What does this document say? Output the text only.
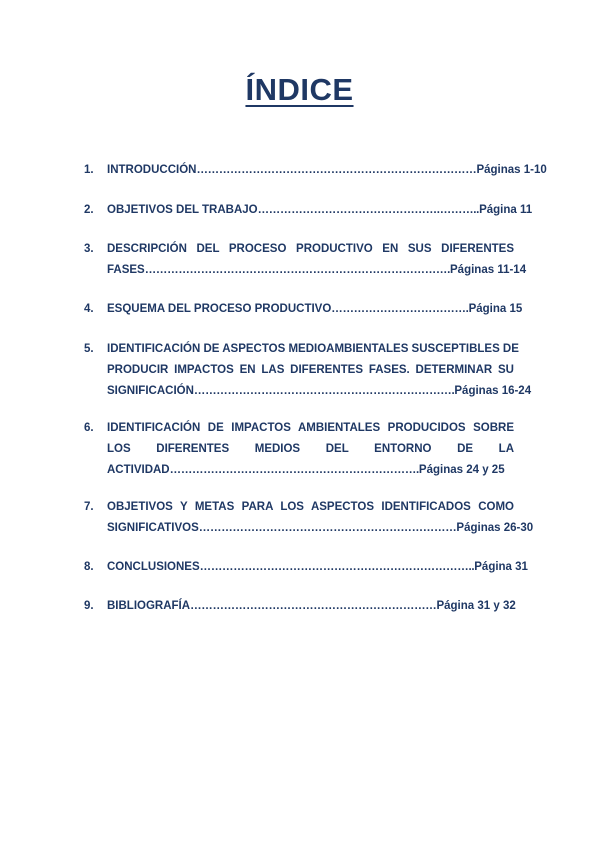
ÍNDICE
1.	INTRODUCCIÓN…………………………………………………………………Páginas 1-10
2.	OBJETIVOS DEL TRABAJO………………………………………….………..Página 11
3.	DESCRIPCIÓN DEL PROCESO PRODUCTIVO EN SUS DIFERENTES
FASES……………………………………………………………………….Páginas 11-14
4.	ESQUEMA DEL PROCESO PRODUCTIVO……………………………….Página 15
5.	IDENTIFICACIÓN DE ASPECTOS MEDIOAMBIENTALES SUSCEPTIBLES DE
PRODUCIR IMPACTOS EN LAS DIFERENTES FASES. DETERMINAR SU
SIGNIFICACIÓN…………………………………………………………….Páginas 16-24
6.	IDENTIFICACIÓN DE IMPACTOS AMBIENTALES PRODUCIDOS SOBRE
LOS DIFERENTES MEDIOS DEL ENTORNO DE LA
ACTIVIDAD………………………………………………………….Páginas 24 y 25
7.	OBJETIVOS Y METAS PARA LOS ASPECTOS IDENTIFICADOS COMO
SIGNIFICATIVOS……………………………………………………………Páginas 26-30
8.	CONCLUSIONES………………………………………………………………..Página 31
9.	BIBLIOGRAFÍA…………………………………………………………Página 31 y 32
